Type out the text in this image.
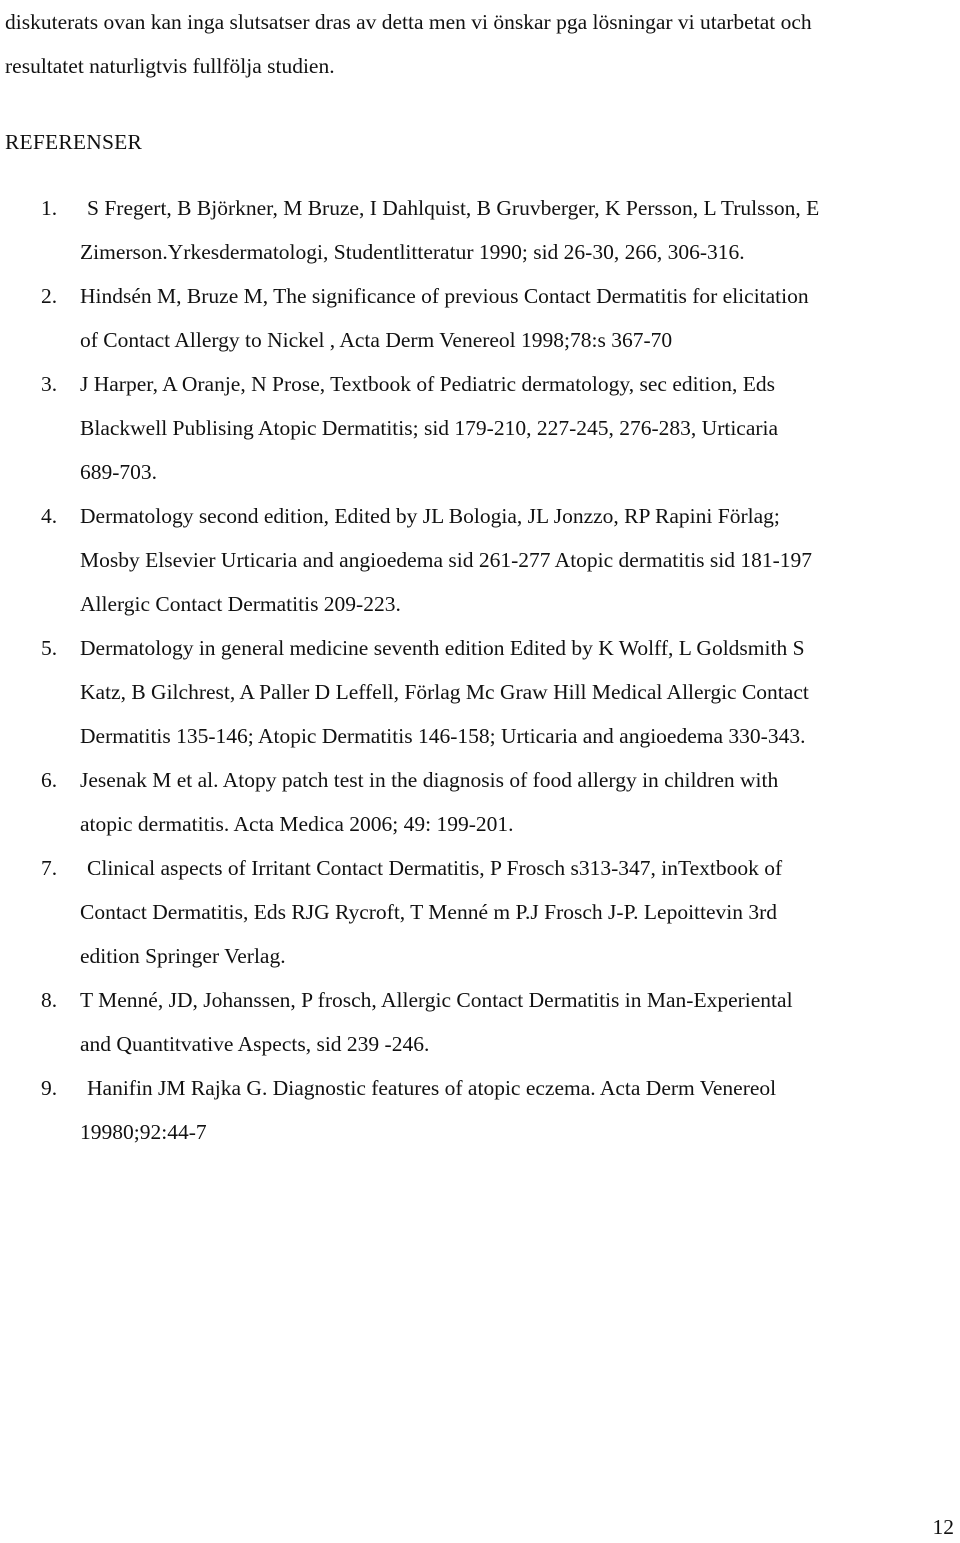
diskuterats ovan kan inga slutsatser dras av detta men vi önskar pga lösningar vi utarbetat och

resultatet naturligtvis fullfölja studien.

REFERENSER
1.	S Fregert, B Björkner, M Bruze, I Dahlquist, B Gruvberger, K Persson, L Trulsson, E
Zimerson.Yrkesdermatologi, Studentlitteratur 1990; sid 26-30, 266, 306-316.
2. Hindsén M, Bruze M, The significance of previous Contact Dermatitis for elicitation
of Contact Allergy to Nickel , Acta Derm Venereol 1998;78:s 367-70
3. J Harper, A Oranje, N Prose, Textbook of Pediatric dermatology, sec edition, Eds
Blackwell Publising Atopic Dermatitis; sid 179-210, 227-245, 276-283, Urticaria
689-703.
4. Dermatology second edition, Edited by JL Bologia, JL Jonzzo, RP Rapini Förlag;
Mosby Elsevier Urticaria and angioedema sid 261-277 Atopic dermatitis sid 181-197
Allergic Contact Dermatitis 209-223.
5. Dermatology in general medicine seventh edition Edited by K Wolff, L Goldsmith S
Katz, B Gilchrest, A Paller D Leffell, Förlag Mc Graw Hill Medical Allergic Contact
Dermatitis 135-146; Atopic Dermatitis 146-158; Urticaria and angioedema 330-343.
6. Jesenak M et al. Atopy patch test in the diagnosis of food allergy in children with
atopic dermatitis. Acta Medica 2006; 49: 199-201.
7.	Clinical aspects of Irritant Contact Dermatitis, P Frosch s313-347, inTextbook of
Contact Dermatitis, Eds RJG Rycroft, T Menné m P.J Frosch J-P. Lepoittevin 3rd
edition Springer Verlag.
8. T Menné, JD, Johanssen, P frosch, Allergic Contact Dermatitis in Man-Experiental
and Quantitvative Aspects, sid 239 -246.
9.	Hanifin JM Rajka G. Diagnostic features of atopic eczema. Acta Derm Venereol
19980;92:44-7
12
